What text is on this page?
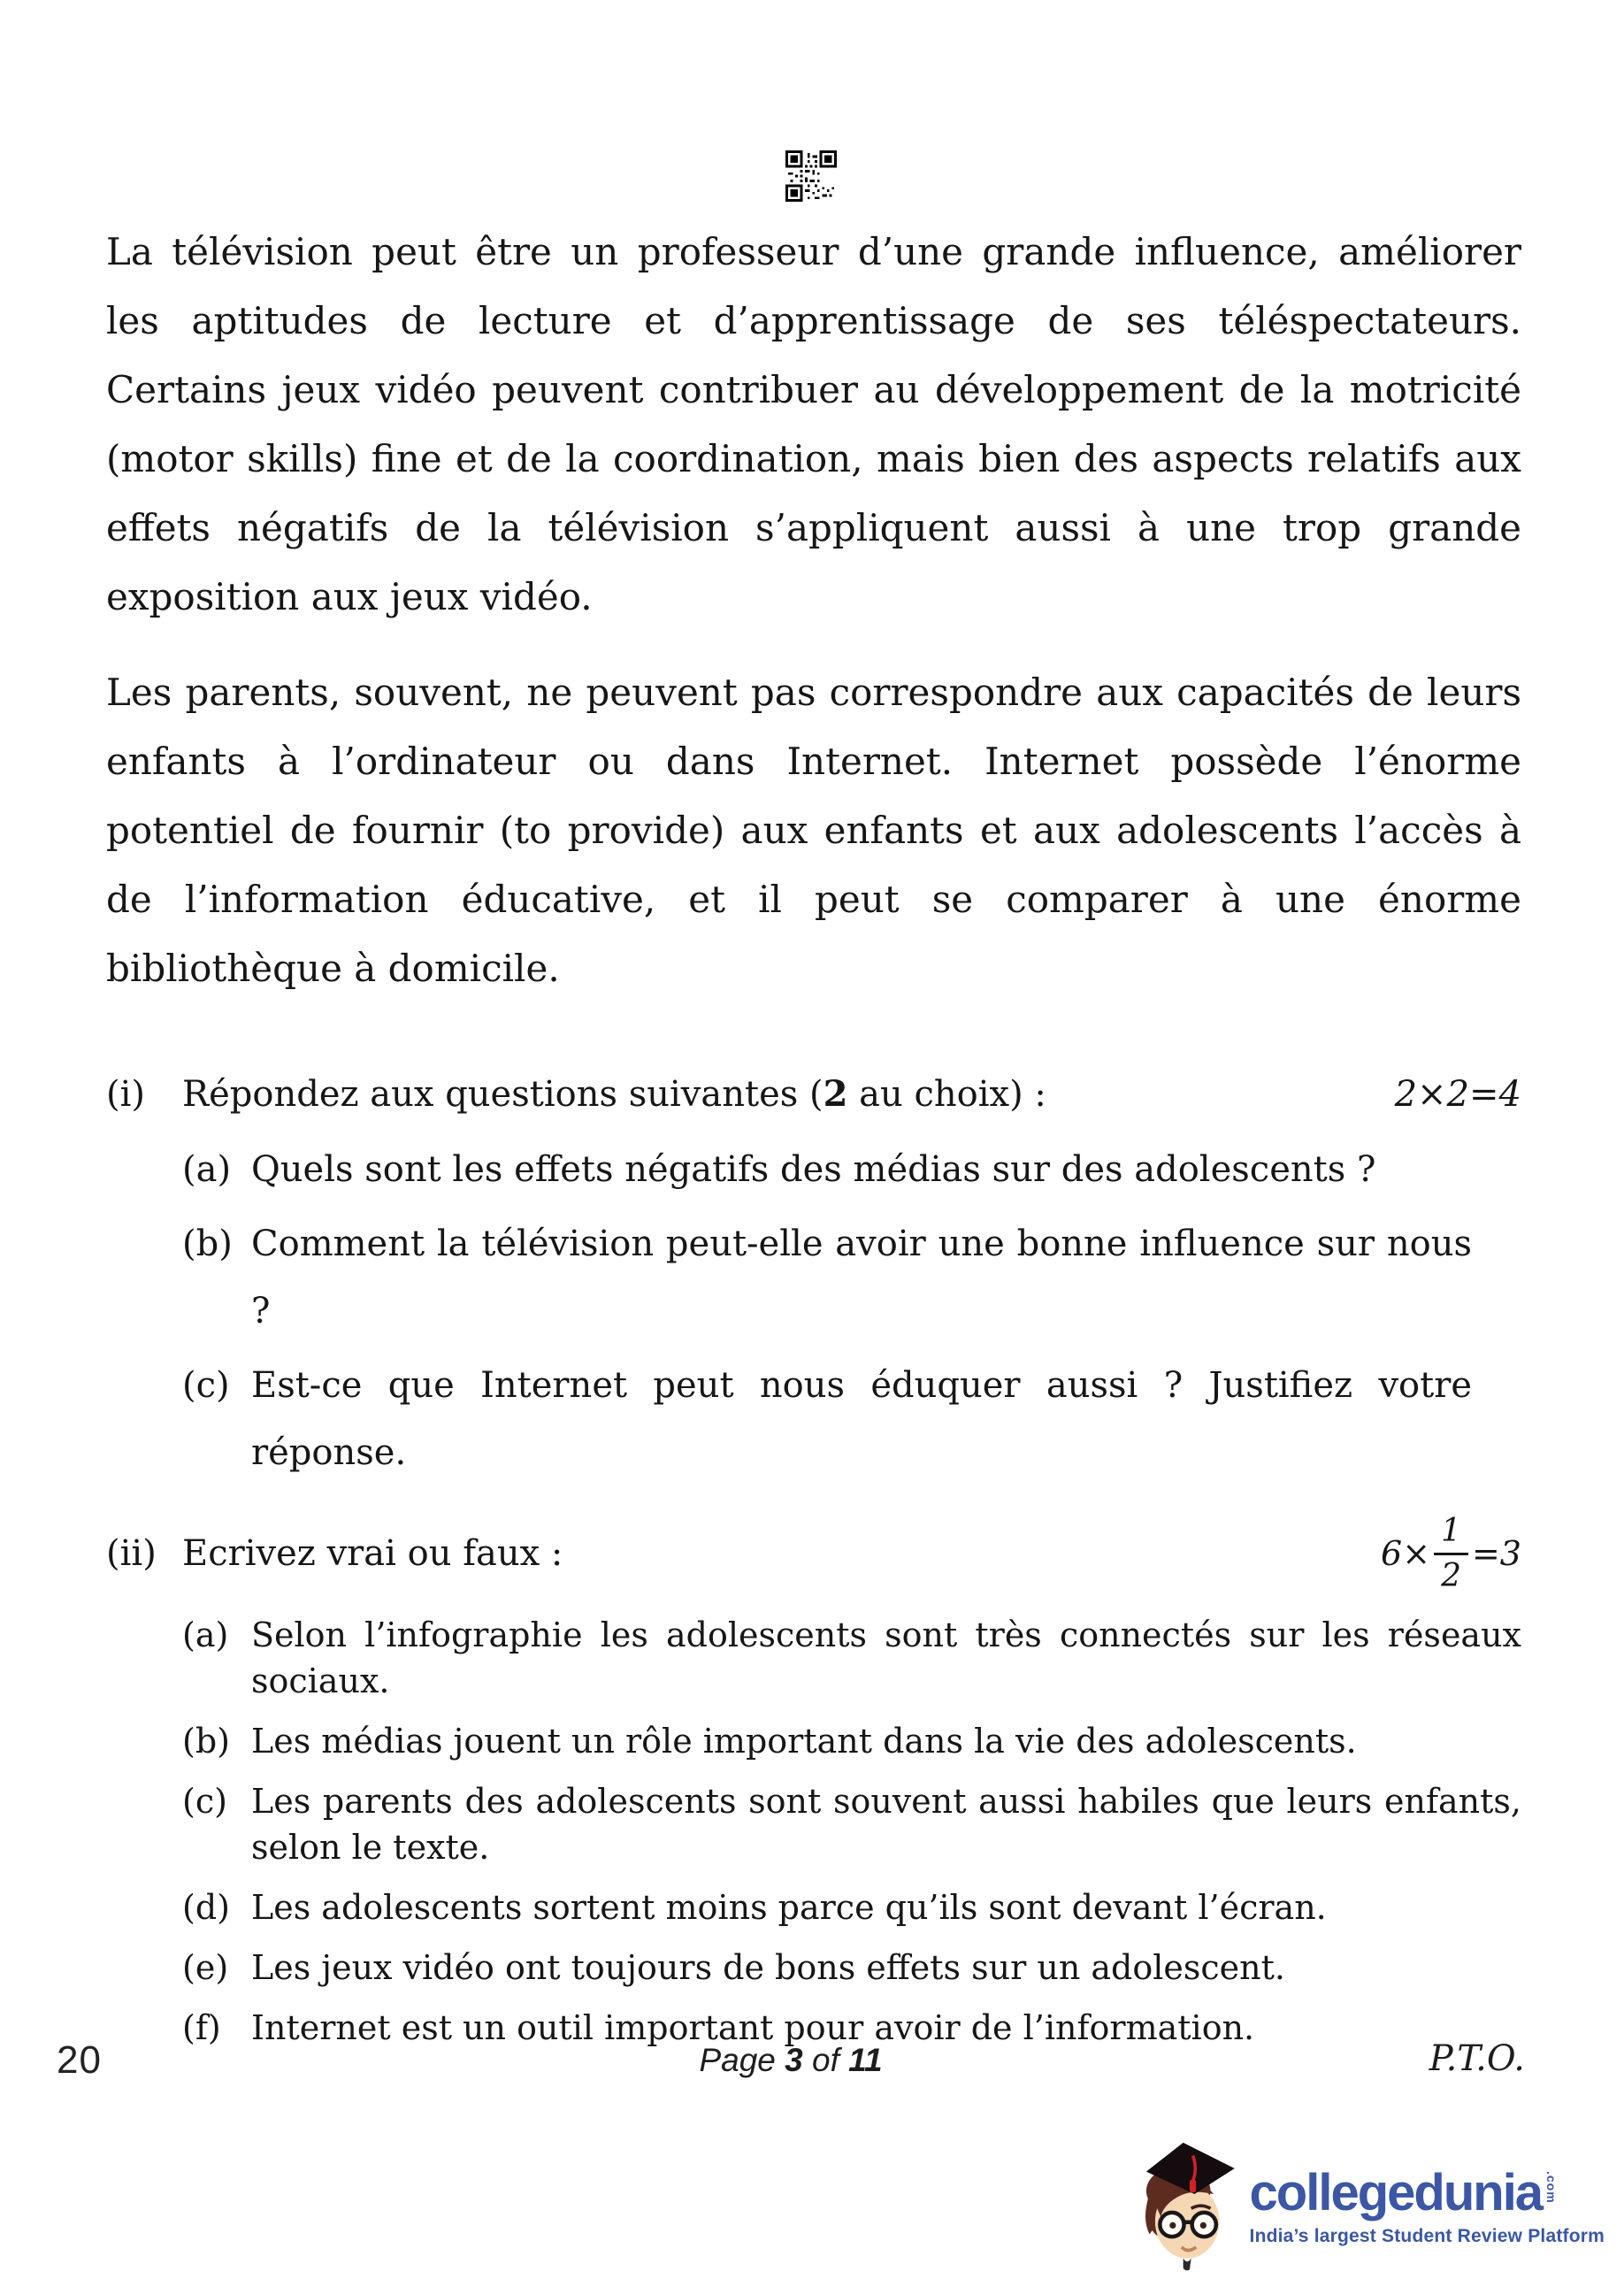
La télévision peut être un professeur d’une grande influence, améliorer les aptitudes de lecture et d’apprentissage de ses téléspectateurs. Certains jeux vidéo peuvent contribuer au développement de la motricité (motor skills) fine et de la coordination, mais bien des aspects relatifs aux effets négatifs de la télévision s’appliquent aussi à une trop grande exposition aux jeux vidéo.

Les parents, souvent, ne peuvent pas correspondre aux capacités de leurs enfants à l’ordinateur ou dans Internet. Internet possède l’énorme potentiel de fournir (to provide) aux enfants et aux adolescents l’accès à de l’information éducative, et il peut se comparer à une énorme bibliothèque à domicile.

(i)	Répondez aux questions suivantes (2 au choix) :	2×2=4
(a) Quels sont les effets négatifs des médias sur des adolescents ?
(b) Comment la télévision peut-elle avoir une bonne influence sur nous ?
(c) Est-ce que Internet peut nous éduquer aussi ? Justifiez votre réponse.
(ii) Ecrivez vrai ou faux :	$6\times \frac{1}{2} =3$
(a) Selon l’infographie les adolescents sont très connectés sur les réseaux sociaux.
(b) Les médias jouent un rôle important dans la vie des adolescents.
(c) Les parents des adolescents sont souvent aussi habiles que leurs enfants, selon le texte.
(d) Les adolescents sortent moins parce qu’ils sont devant l’écran.
(e) Les jeux vidéo ont toujours de bons effets sur un adolescent.
(f) Internet est un outil important pour avoir de l’information.
20	Page 3 of 11	P.T.O.
collegedunia .com
India’s largest Student Review Platform
